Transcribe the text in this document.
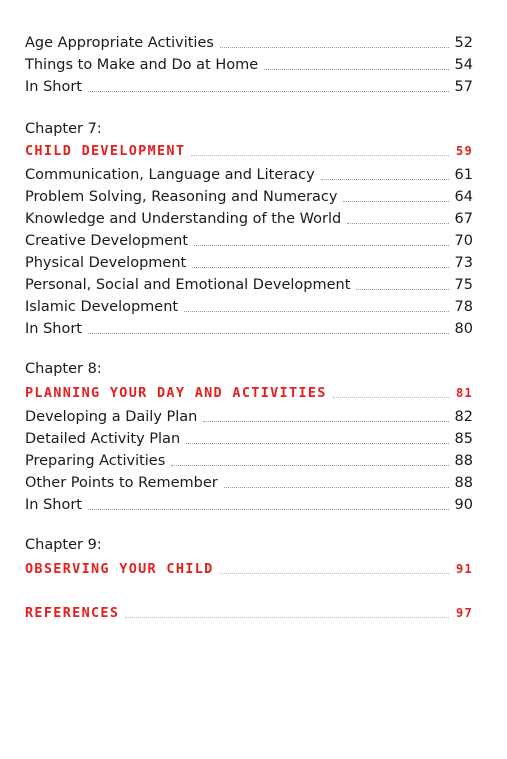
Age Appropriate Activities	52
Things to Make and Do at Home	54
In Short	57
Chapter 7:
CHILD DEVELOPMENT	59
Communication, Language and Literacy	61
Problem Solving, Reasoning and Numeracy	64
Knowledge and Understanding of the World	67
Creative Development	70
Physical Development	73
Personal, Social and Emotional Development	75
Islamic Development	78
In Short	80
Chapter 8:
PLANNING YOUR DAY AND ACTIVITIES	81
Developing a Daily Plan	82
Detailed Activity Plan	85
Preparing Activities	88
Other Points to Remember	88
In Short	90
Chapter 9:
OBSERVING YOUR CHILD	91
REFERENCES	97
